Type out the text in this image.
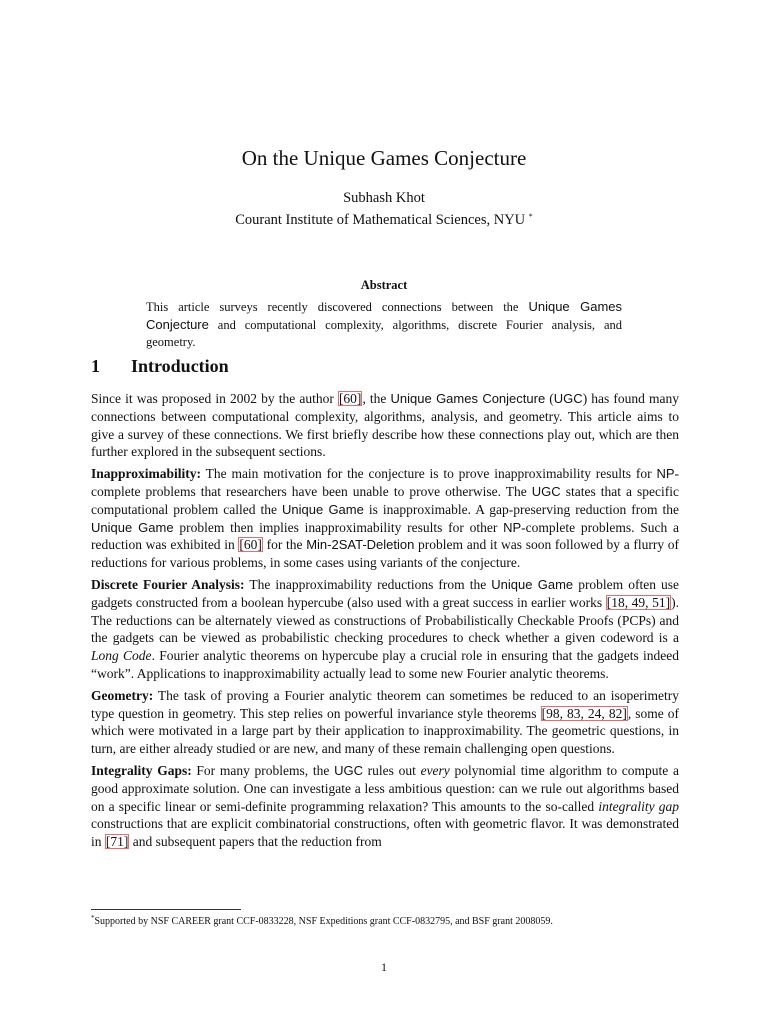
On the Unique Games Conjecture
Subhash Khot
Courant Institute of Mathematical Sciences, NYU *
Abstract
This article surveys recently discovered connections between the Unique Games Conjecture and computational complexity, algorithms, discrete Fourier analysis, and geometry.
1 Introduction

Since it was proposed in 2002 by the author [60], the Unique Games Conjecture (UGC) has found many connections between computational complexity, algorithms, analysis, and geometry. This article aims to give a survey of these connections. We first briefly describe how these connections play out, which are then further explored in the subsequent sections.

Inapproximability: The main motivation for the conjecture is to prove inapproximability results for NP-complete problems that researchers have been unable to prove otherwise. The UGC states that a specific computational problem called the Unique Game is inapproximable. A gap-preserving reduction from the Unique Game problem then implies inapproximability results for other NP-complete problems. Such a reduction was exhibited in [60] for the Min-2SAT-Deletion problem and it was soon followed by a flurry of reductions for various problems, in some cases using variants of the conjecture.

Discrete Fourier Analysis: The inapproximability reductions from the Unique Game problem often use gadgets constructed from a boolean hypercube (also used with a great success in earlier works [18, 49, 51]). The reductions can be alternately viewed as constructions of Probabilistically Checkable Proofs (PCPs) and the gadgets can be viewed as probabilistic checking procedures to check whether a given codeword is a Long Code. Fourier analytic theorems on hypercube play a crucial role in ensuring that the gadgets indeed “work”. Applications to inapproximability actually lead to some new Fourier analytic theorems.

Geometry: The task of proving a Fourier analytic theorem can sometimes be reduced to an isoperimetry type question in geometry. This step relies on powerful invariance style theorems [98, 83, 24, 82], some of which were motivated in a large part by their application to inapproximability. The geometric questions, in turn, are either already studied or are new, and many of these remain challenging open questions.

Integrality Gaps: For many problems, the UGC rules out every polynomial time algorithm to compute a good approximate solution. One can investigate a less ambitious question: can we rule out algorithms based on a specific linear or semi-definite programming relaxation? This amounts to the so-called integrality gap constructions that are explicit combinatorial constructions, often with geometric flavor. It was demonstrated in [71] and subsequent papers that the reduction from

*Supported by NSF CAREER grant CCF-0833228, NSF Expeditions grant CCF-0832795, and BSF grant 2008059.
1
